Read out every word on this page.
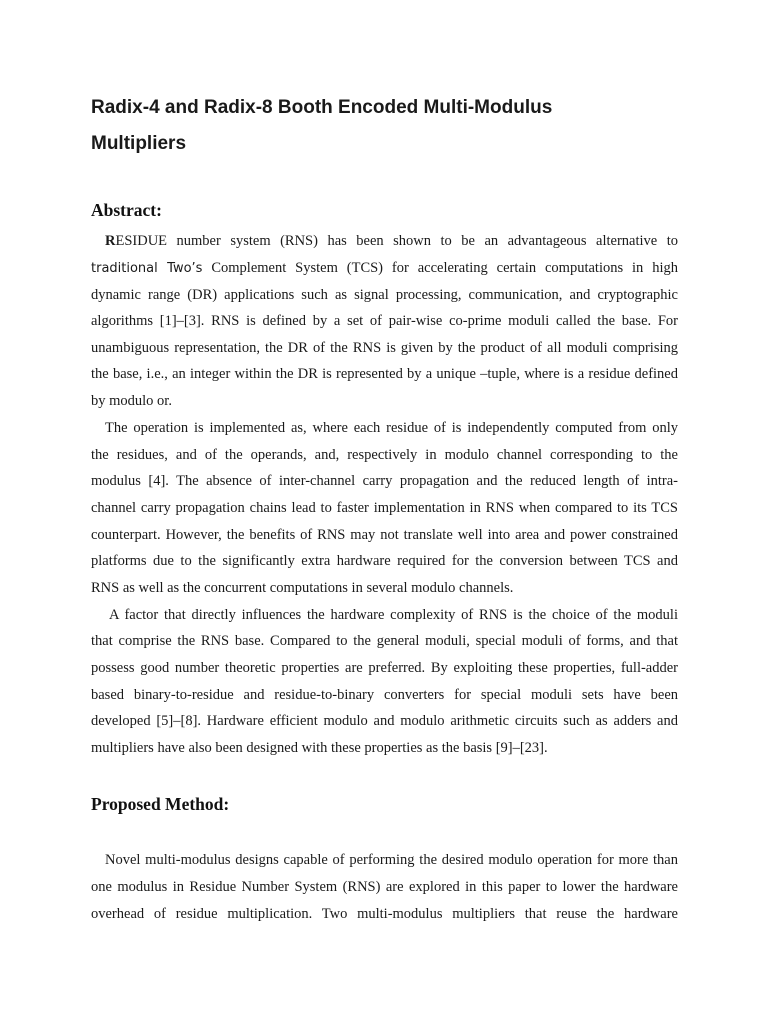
Radix-4 and Radix-8 Booth Encoded Multi-Modulus
Multipliers
Abstract:
RESIDUE number system (RNS) has been shown to be an advantageous alternative to
traditional Two’s Complement System (TCS) for accelerating certain computations in high
dynamic range (DR) applications such as signal processing, communication, and cryptographic
algorithms [1]–[3]. RNS is defined by a set of pair-wise co-prime moduli called the base. For
unambiguous representation, the DR of the RNS is given by the product of all moduli comprising
the base, i.e., an integer within the DR is represented by a unique –tuple, where is a residue defined
by modulo or.
The operation is implemented as, where each residue of is independently computed from only
the residues, and of the operands, and, respectively in modulo channel corresponding to the
modulus [4]. The absence of inter-channel carry propagation and the reduced length of intra-
channel carry propagation chains lead to faster implementation in RNS when compared to its TCS
counterpart. However, the benefits of RNS may not translate well into area and power constrained
platforms due to the significantly extra hardware required for the conversion between TCS and
RNS as well as the concurrent computations in several modulo channels.
A factor that directly influences the hardware complexity of RNS is the choice of the moduli
that comprise the RNS base. Compared to the general moduli, special moduli of forms, and that
possess good number theoretic properties are preferred. By exploiting these properties, full-adder
based binary-to-residue and residue-to-binary converters for special moduli sets have been
developed [5]–[8]. Hardware efficient modulo and modulo arithmetic circuits such as adders and
multipliers have also been designed with these properties as the basis [9]–[23].
Proposed Method:
Novel multi-modulus designs capable of performing the desired modulo operation for more than
one modulus in Residue Number System (RNS) are explored in this paper to lower the hardware
overhead of residue multiplication. Two multi-modulus multipliers that reuse the hardware
